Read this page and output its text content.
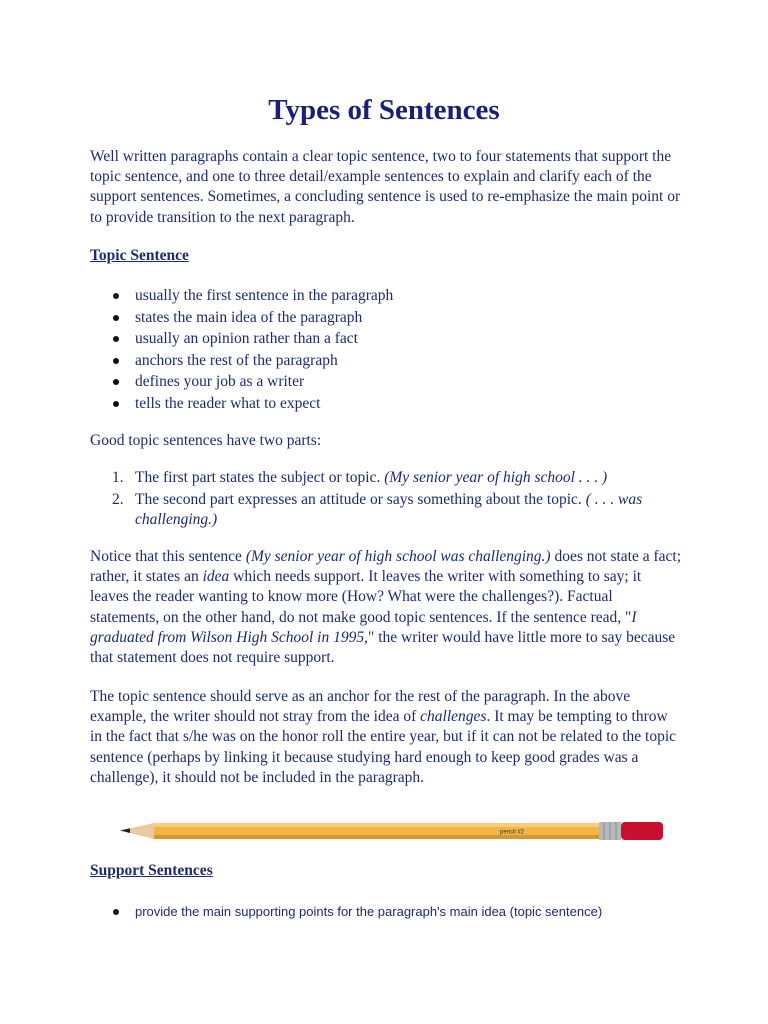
Types of Sentences

Well written paragraphs contain a clear topic sentence, two to four statements that support the topic sentence, and one to three detail/example sentences to explain and clarify each of the support sentences. Sometimes, a concluding sentence is used to re-emphasize the main point or to provide transition to the next paragraph.

Topic Sentence

usually the first sentence in the paragraph
states the main idea of the paragraph
usually an opinion rather than a fact
anchors the rest of the paragraph
defines your job as a writer
tells the reader what to expect

Good topic sentences have two parts:

1. The first part states the subject or topic. (My senior year of high school . . . )
2. The second part expresses an attitude or says something about the topic. ( . . . was challenging.)

Notice that this sentence (My senior year of high school was challenging.) does not state a fact; rather, it states an idea which needs support. It leaves the writer with something to say; it leaves the reader wanting to know more (How? What were the challenges?). Factual statements, on the other hand, do not make good topic sentences. If the sentence read, "I graduated from Wilson High School in 1995," the writer would have little more to say because that statement does not require support.

The topic sentence should serve as an anchor for the rest of the paragraph. In the above example, the writer should not stray from the idea of challenges. It may be tempting to throw in the fact that s/he was on the honor roll the entire year, but if it can not be related to the topic sentence (perhaps by linking it because studying hard enough to keep good grades was a challenge), it should not be included in the paragraph.

pencil #2

Support Sentences

provide the main supporting points for the paragraph's main idea (topic sentence)
